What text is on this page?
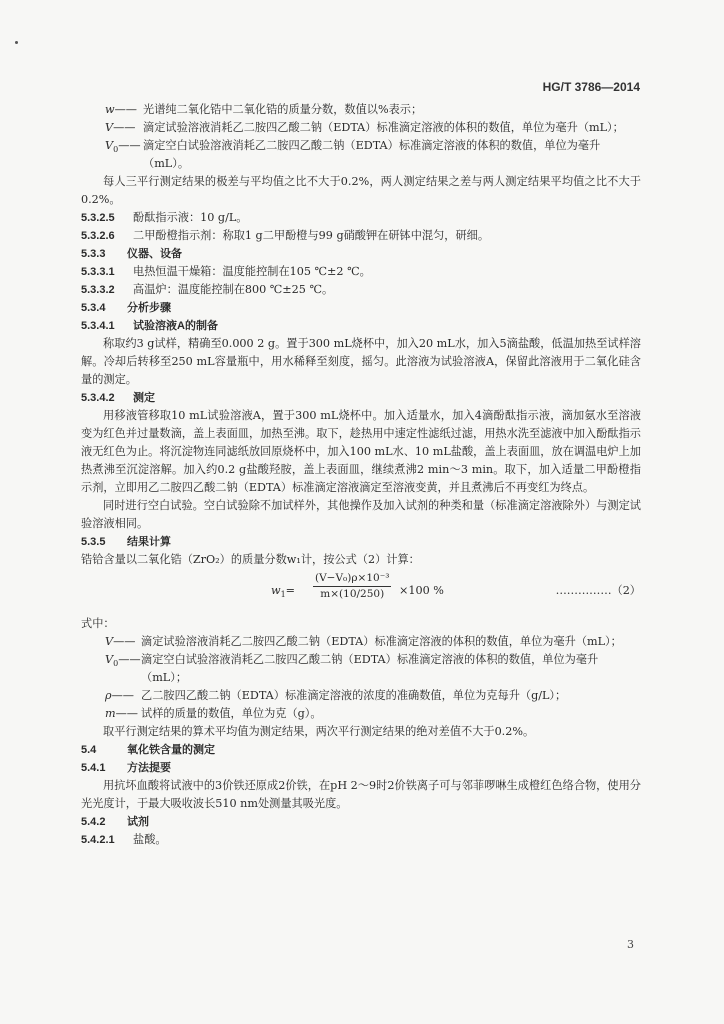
HG/T 3786—2014
w—— 光谱纯二氧化锆中二氧化锆的质量分数，数值以%表示；
V—— 滴定试验溶液消耗乙二胺四乙酸二钠（EDTA）标准滴定溶液的体积的数值，单位为毫升（mL）；
$V_0——$ 滴定空白试验溶液消耗乙二胺四乙酸二钠（EDTA）标准滴定溶液的体积的数值，单位为毫升（mL）。

每人三平行测定结果的极差与平均值之比不大于0.2%，两人测定结果之差与两人测定结果平均值之比不大于0.2%。

5.3.2.5	酚酞指示液：10 g/L。
5.3.2.6	二甲酚橙指示剂：称取1 g二甲酚橙与99 g硝酸钾在研钵中混匀，研细。
5.3.3	仪器、设备
5.3.3.1	电热恒温干燥箱：温度能控制在105 ℃±2 ℃。
5.3.3.2	高温炉：温度能控制在800 ℃±25 ℃。
5.3.4	分析步骤
5.3.4.1	试验溶液A的制备

称取约3 g试样，精确至0.000 2 g。置于300 mL烧杯中，加入20 mL水，加入5滴盐酸，低温加热至试样溶解。冷却后转移至250 mL容量瓶中，用水稀释至刻度，摇匀。此溶液为试验溶液A，保留此溶液用于二氧化硅含量的测定。

5.3.4.2	测定

用移液管移取10 mL试验溶液A，置于300 mL烧杯中。加入适量水，加入4滴酚酞指示液，滴加氨水至溶液变为红色并过量数滴，盖上表面皿，加热至沸。取下，趁热用中速定性滤纸过滤，用热水洗至滤液中加入酚酞指示液无红色为止。将沉淀物连同滤纸放回原烧杯中，加入100 mL水、10 mL盐酸，盖上表面皿，放在调温电炉上加热煮沸至沉淀溶解。加入约0.2 g盐酸羟胺，盖上表面皿，继续煮沸2 min～3 min。取下，加入适量二甲酚橙指示剂，立即用乙二胺四乙酸二钠（EDTA）标准滴定溶液滴定至溶液变黄，并且煮沸后不再变红为终点。

同时进行空白试验。空白试验除不加试样外，其他操作及加入试剂的种类和量（标准滴定溶液除外）与测定试验溶液相同。

5.3.5	结果计算

锆铪含量以二氧化锆（ZrO₂）的质量分数w₁计，按公式（2）计算：

$w_1= \frac{\text{(V−V₀)ρ×10⁻³}}{m\times(10/250)} \times 100$ %	……………（2）

式中：

V—— 滴定试验溶液消耗乙二胺四乙酸二钠（EDTA）标准滴定溶液的体积的数值，单位为毫升（mL）；
$V_0——$ 滴定空白试验溶液消耗乙二胺四乙酸二钠（EDTA）标准滴定溶液的体积的数值，单位为毫升（mL）；
ρ—— 乙二胺四乙酸二钠（EDTA）标准滴定溶液的浓度的准确数值，单位为克每升（g/L）；
m—— 试样的质量的数值，单位为克（g）。

取平行测定结果的算术平均值为测定结果，两次平行测定结果的绝对差值不大于0.2%。

5.4	氧化铁含量的测定
5.4.1	方法提要

用抗坏血酸将试液中的3价铁还原成2价铁，在pH 2～9时2价铁离子可与邻菲啰啉生成橙红色络合物，使用分光光度计，于最大吸收波长510 nm处测量其吸光度。

5.4.2	试剂
5.4.2.1	盐酸。
3
